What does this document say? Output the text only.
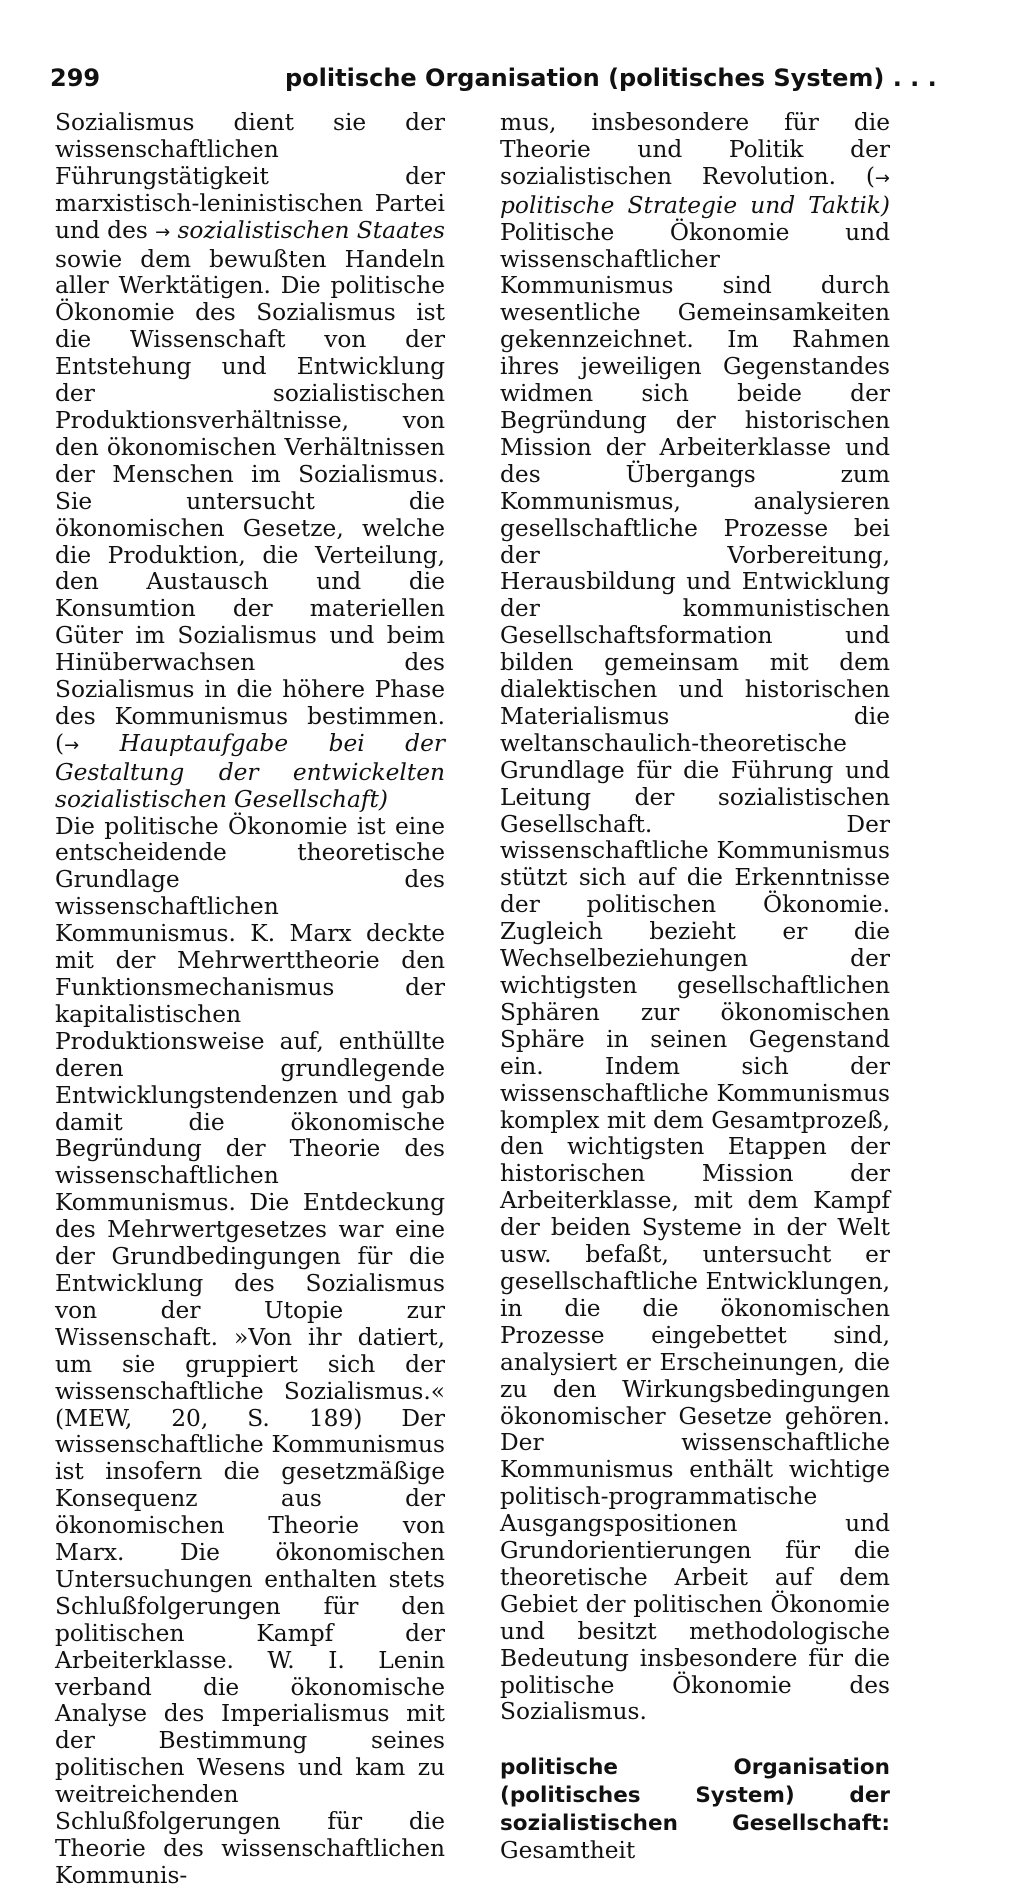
299	politische Organisation (politisches System) . . .

Sozialismus dient sie der wissenschaftlichen Führungstätigkeit der marxistisch-leninistischen Partei und des → sozialistischen Staates sowie dem bewußten Handeln aller Werktätigen. Die politische Ökonomie des Sozialismus ist die Wissenschaft von der Entstehung und Entwicklung der sozialistischen Produktionsverhältnisse, von den ökonomischen Verhältnissen der Menschen im Sozialismus. Sie untersucht die ökonomischen Gesetze, welche die Produktion, die Verteilung, den Austausch und die Konsumtion der materiellen Güter im Sozialismus und beim Hinüberwachsen des Sozialismus in die höhere Phase des Kommunismus bestimmen. (→ Hauptaufgabe bei der Gestaltung der entwickelten sozialistischen Gesellschaft)

Die politische Ökonomie ist eine entscheidende theoretische Grundlage des wissenschaftlichen Kommunismus. K. Marx deckte mit der Mehrwerttheorie den Funktionsmechanismus der kapitalistischen Produktionsweise auf, enthüllte deren grundlegende Entwicklungstendenzen und gab damit die ökonomische Begründung der Theorie des wissenschaftlichen Kommunismus. Die Entdeckung des Mehrwertgesetzes war eine der Grundbedingungen für die Entwicklung des Sozialismus von der Utopie zur Wissenschaft. »Von ihr datiert, um sie gruppiert sich der wissenschaftliche Sozialismus.« (MEW, 20, S. 189) Der wissenschaftliche Kommunismus ist insofern die gesetzmäßige Konsequenz aus der ökonomischen Theorie von Marx. Die ökonomischen Untersuchungen enthalten stets Schlußfolgerungen für den politischen Kampf der Arbeiterklasse. W. I. Lenin verband die ökonomische Analyse des Imperialismus mit der Bestimmung seines politischen Wesens und kam zu weitreichenden Schlußfolgerungen für die Theorie des wissenschaftlichen Kommunis-

mus, insbesondere für die Theorie und Politik der sozialistischen Revolution. (→ politische Strategie und Taktik) Politische Ökonomie und wissenschaftlicher Kommunismus sind durch wesentliche Gemeinsamkeiten gekennzeichnet. Im Rahmen ihres jeweiligen Gegenstandes widmen sich beide der Begründung der historischen Mission der Arbeiterklasse und des Übergangs zum Kommunismus, analysieren gesellschaftliche Prozesse bei der Vorbereitung, Herausbildung und Entwicklung der kommunistischen Gesellschaftsformation und bilden gemeinsam mit dem dialektischen und historischen Materialismus die weltanschaulich-theoretische Grundlage für die Führung und Leitung der sozialistischen Gesellschaft. Der wissenschaftliche Kommunismus stützt sich auf die Erkenntnisse der politischen Ökonomie. Zugleich bezieht er die Wechselbeziehungen der wichtigsten gesellschaftlichen Sphären zur ökonomischen Sphäre in seinen Gegenstand ein. Indem sich der wissenschaftliche Kommunismus komplex mit dem Gesamtprozeß, den wichtigsten Etappen der historischen Mission der Arbeiterklasse, mit dem Kampf der beiden Systeme in der Welt usw. befaßt, untersucht er gesellschaftliche Entwicklungen, in die die ökonomischen Prozesse eingebettet sind, analysiert er Erscheinungen, die zu den Wirkungsbedingungen ökonomischer Gesetze gehören. Der wissenschaftliche Kommunismus enthält wichtige politisch-programmatische Ausgangspositionen und Grundorientierungen für die theoretische Arbeit auf dem Gebiet der politischen Ökonomie und besitzt methodologische Bedeutung insbesondere für die politische Ökonomie des Sozialismus.

politische Organisation (politisches System) der sozialistischen Gesellschaft: Gesamtheit
